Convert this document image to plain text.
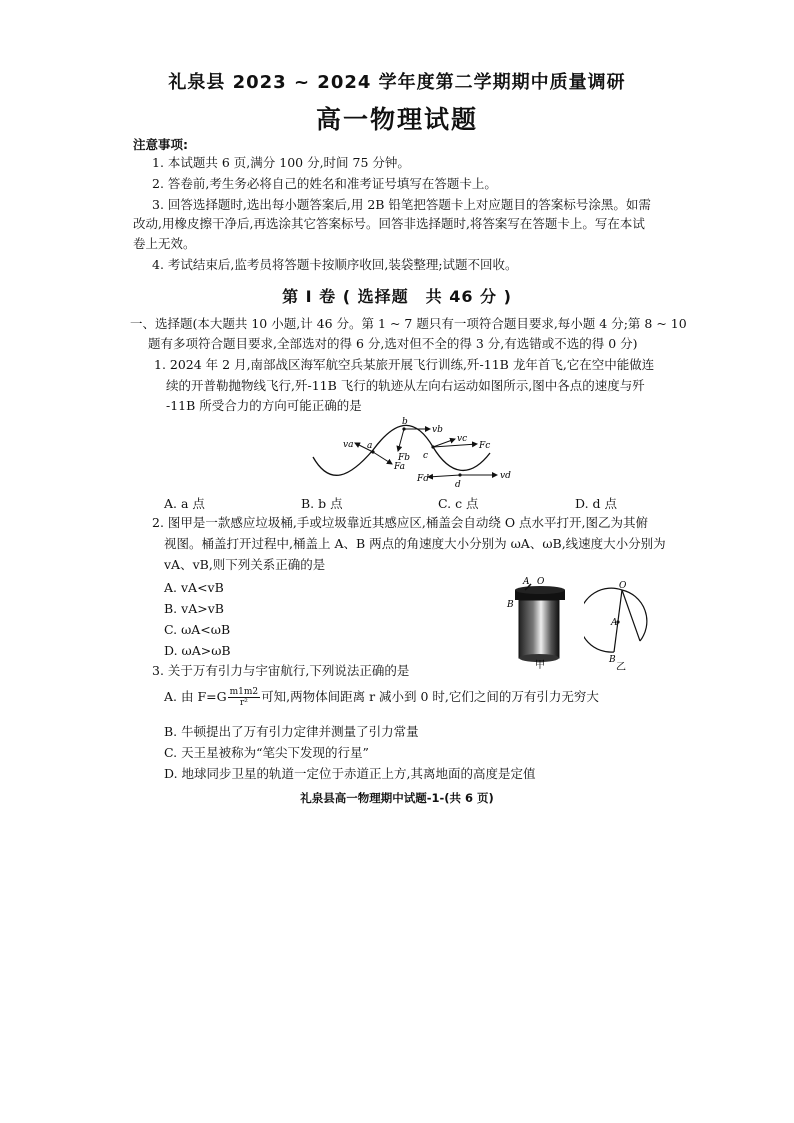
礼泉县 2023 ~ 2024 学年度第二学期期中质量调研
高一物理试题
注意事项:
1. 本试题共 6 页,满分 100 分,时间 75 分钟。
2. 答卷前,考生务必将自己的姓名和准考证号填写在答题卡上。
3. 回答选择题时,选出每小题答案后,用 2B 铅笔把答题卡上对应题目的答案标号涂黑。如需
改动,用橡皮擦干净后,再选涂其它答案标号。回答非选择题时,将答案写在答题卡上。写在本试
卷上无效。
4. 考试结束后,监考员将答题卡按顺序收回,装袋整理;试题不回收。
第 Ⅰ 卷 ( 选择题　共 46 分 )
一、选择题(本大题共 10 小题,计 46 分。第 1 ~ 7 题只有一项符合题目要求,每小题 4 分;第 8 ~ 10
题有多项符合题目要求,全部选对的得 6 分,选对但不全的得 3 分,有选错或不选的得 0 分)
1. 2024 年 2 月,南部战区海军航空兵某旅开展飞行训练,歼-11B 龙年首飞,它在空中能做连
续的开普勒抛物线飞行,歼-11B 飞行的轨迹从左向右运动如图所示,图中各点的速度与歼
-11B 所受合力的方向可能正确的是
va a
Fa
b
vb
Fb c
vc
Fc
d
vd
Fd
A. a 点	B. b 点	C. c 点	D. d 点
2. 图甲是一款感应垃圾桶,手或垃圾靠近其感应区,桶盖会自动绕 O 点水平打开,图乙为其俯
视图。桶盖打开过程中,桶盖上 A、B 两点的角速度大小分别为 ωA、ωB,线速度大小分别为
vA、vB,则下列关系正确的是
A. vA<vB
B. vA>vB
C. ωA<ωB
D. ωA>ωB
A O
B
甲
O
A
B
乙
3. 关于万有引力与宇宙航行,下列说法正确的是
A. 由 $F=G \frac{m1m2}{\text{r²}}$ 可知,两物体间距离 r 减小到 0 时,它们之间的万有引力无穷大
B. 牛顿提出了万有引力定律并测量了引力常量
C. 天王星被称为“笔尖下发现的行星”
D. 地球同步卫星的轨道一定位于赤道正上方,其离地面的高度是定值
礼泉县高一物理期中试题-1-(共 6 页)
